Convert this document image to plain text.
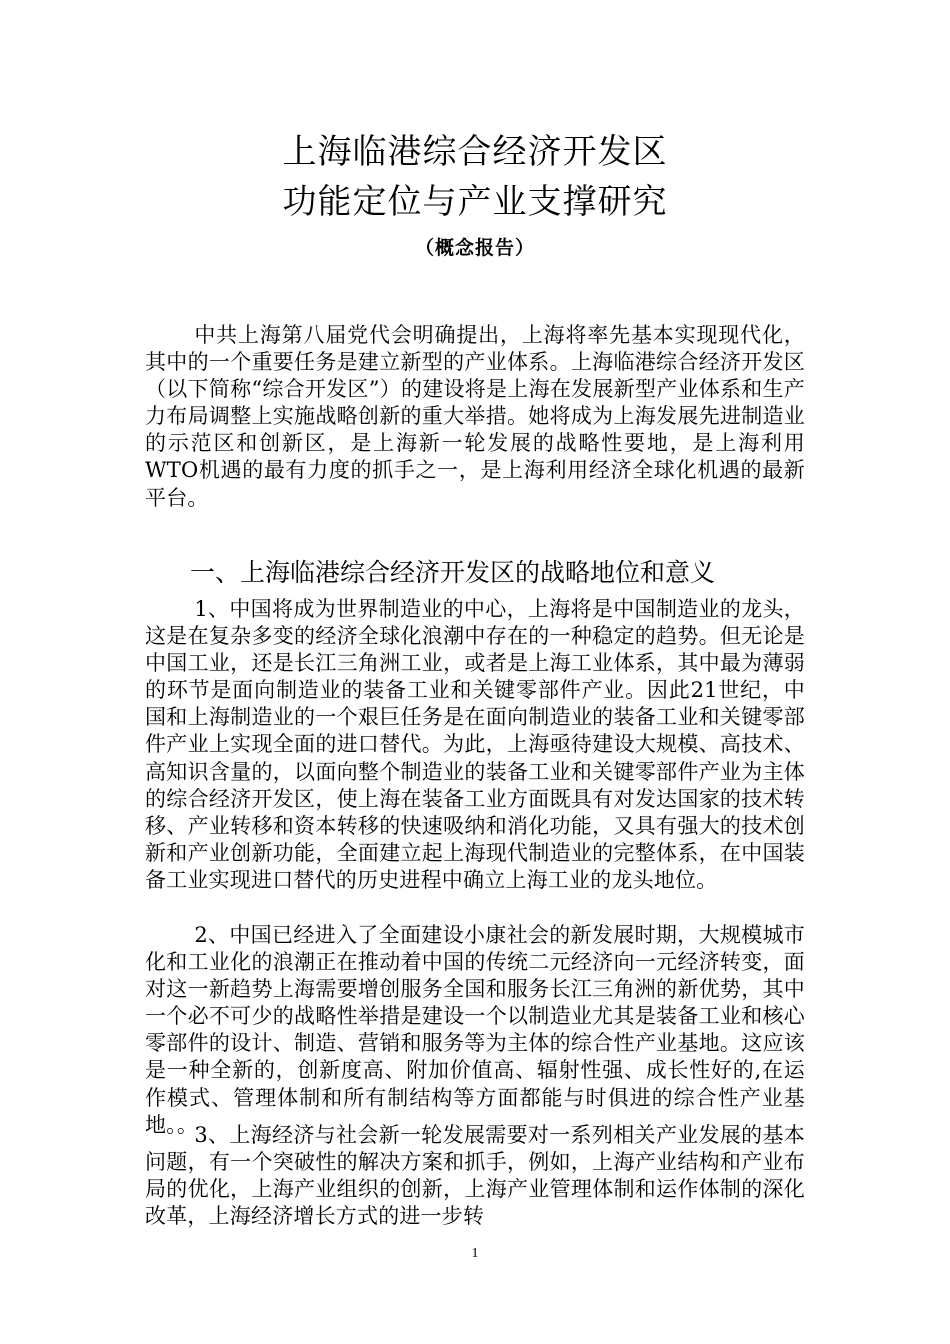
上海临港综合经济开发区
功能定位与产业支撑研究
（概念报告）

中共上海第八届党代会明确提出，上海将率先基本实现现代化，其中的一个重要任务是建立新型的产业体系。上海临港综合经济开发区（以下简称“综合开发区”）的建设将是上海在发展新型产业体系和生产力布局调整上实施战略创新的重大举措。她将成为上海发展先进制造业的示范区和创新区，是上海新一轮发展的战略性要地，是上海利用WTO机遇的最有力度的抓手之一，是上海利用经济全球化机遇的最新平台。

一、上海临港综合经济开发区的战略地位和意义

1、中国将成为世界制造业的中心，上海将是中国制造业的龙头，这是在复杂多变的经济全球化浪潮中存在的一种稳定的趋势。但无论是中国工业，还是长江三角洲工业，或者是上海工业体系，其中最为薄弱的环节是面向制造业的装备工业和关键零部件产业。因此21世纪，中国和上海制造业的一个艰巨任务是在面向制造业的装备工业和关键零部件产业上实现全面的进口替代。为此，上海亟待建设大规模、高技术、高知识含量的，以面向整个制造业的装备工业和关键零部件产业为主体的综合经济开发区，使上海在装备工业方面既具有对发达国家的技术转移、产业转移和资本转移的快速吸纳和消化功能，又具有强大的技术创新和产业创新功能，全面建立起上海现代制造业的完整体系，在中国装备工业实现进口替代的历史进程中确立上海工业的龙头地位。

2、中国已经进入了全面建设小康社会的新发展时期，大规模城市化和工业化的浪潮正在推动着中国的传统二元经济向一元经济转变，面对这一新趋势上海需要增创服务全国和服务长江三角洲的新优势，其中一个必不可少的战略性举措是建设一个以制造业尤其是装备工业和核心零部件的设计、制造、营销和服务等为主体的综合性产业基地。这应该是一种全新的，创新度高、附加价值高、辐射性强、成长性好的,在运作模式、管理体制和所有制结构等方面都能与时俱进的综合性产业基地。。

3、上海经济与社会新一轮发展需要对一系列相关产业发展的基本问题，有一个突破性的解决方案和抓手，例如，上海产业结构和产业布局的优化，上海产业组织的创新，上海产业管理体制和运作体制的深化改革，上海经济增长方式的进一步转

1
